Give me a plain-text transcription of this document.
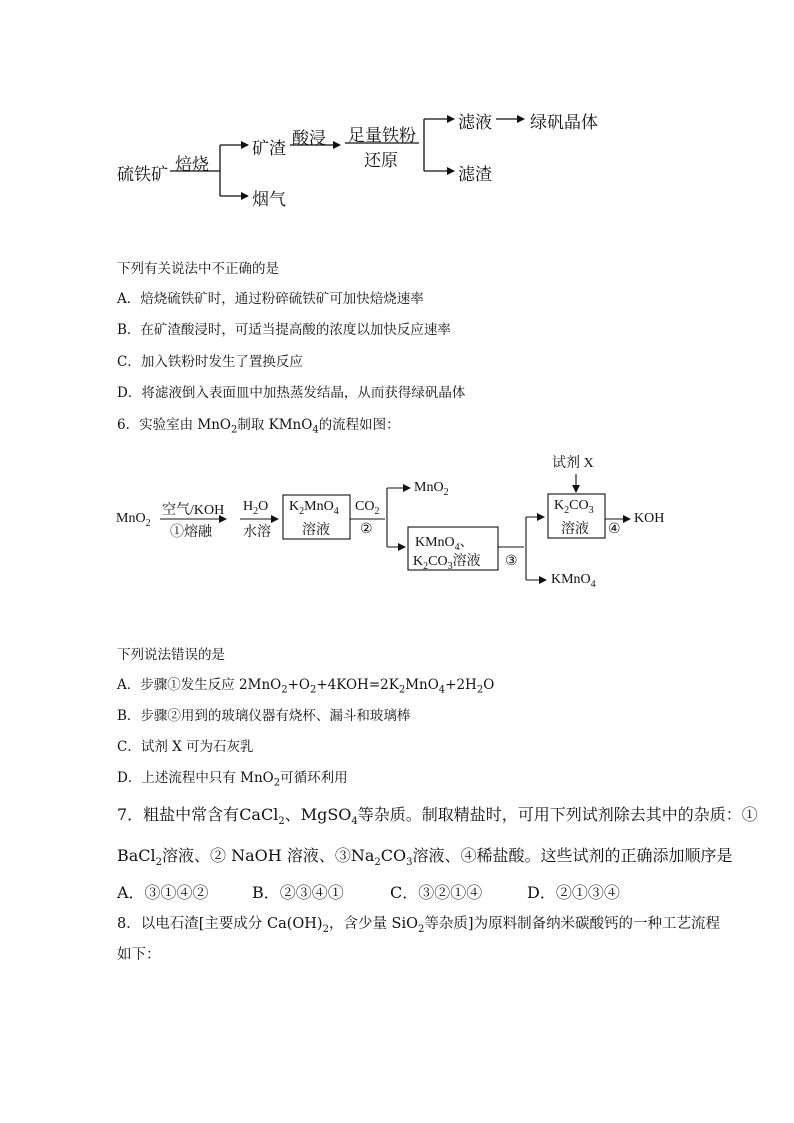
硫铁矿 焙烧
矿渣
烟气
酸浸 足量铁粉
还原
滤液
滤渣
绿矾晶体
下列有关说法中不正确的是
A．焙烧硫铁矿时，通过粉碎硫铁矿可加快焙烧速率
B．在矿渣酸浸时，可适当提高酸的浓度以加快反应速率
C．加入铁粉时发生了置换反应
D．将滤液倒入表面皿中加热蒸发结晶，从而获得绿矾晶体
6．实验室由 MnO$_2$制取 KMnO$_4$的流程如图：
MnO$_2$
空气/KOH
①熔融
$H_2O$
水溶
$K_2MnO_4$
溶液
$CO_2$
②
MnO$_2$
KMnO$_4$、
$K_2CO_3$溶液 ③
KMnO$_4$
试剂 X
$K_2CO_3$
溶液 ④
KOH
下列说法错误的是
A．步骤①发生反应 $2MnO_2+O_2+4KOH=2K_2MnO_4+2H_2O$
B．步骤②用到的玻璃仪器有烧杯、漏斗和玻璃棒
C．试剂 X 可为石灰乳
D．上述流程中只有 MnO$_2$可循环利用
7．粗盐中常含有CaCl$_2$、MgSO$_4$等杂质。制取精盐时，可用下列试剂除去其中的杂质：①
BaCl$_2$溶液、② NaOH 溶液、$③Na_2CO_3$溶液、④稀盐酸。这些试剂的正确添加顺序是
A．③①④②	B．②③④①	C．③②①④	D．②①③④
8．以电石渣[主要成分 $Ca(OH)_2$，含少量 SiO$_2$等杂质]为原料制备纳米碳酸钙的一种工艺流程
如下：
